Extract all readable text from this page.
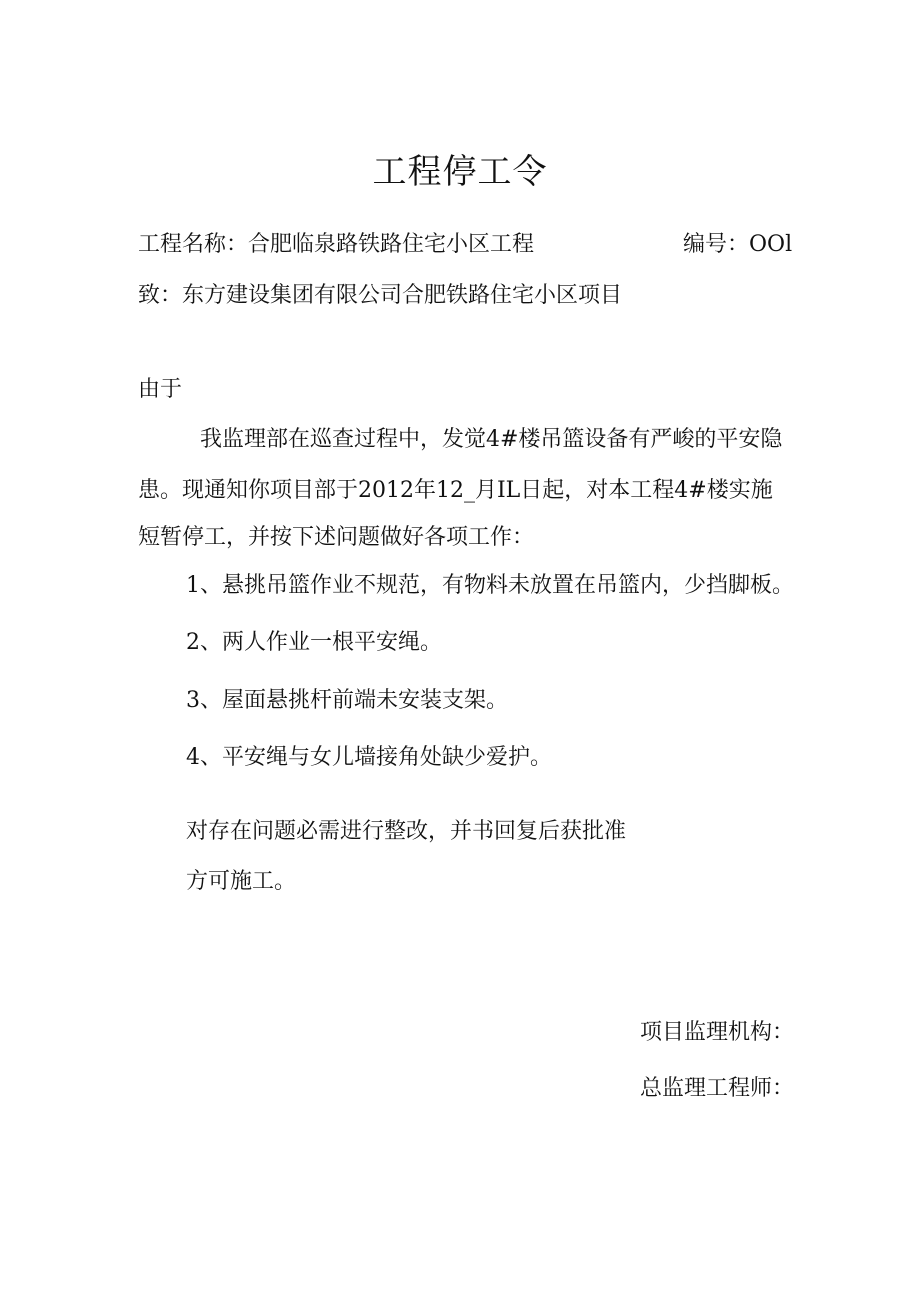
工程停工令
工程名称：合肥临泉路铁路住宅小区工程	编号：OOl
致：东方建设集团有限公司合肥铁路住宅小区项目
由于
我监理部在巡查过程中，发觉4#楼吊篮设备有严峻的平安隐
患。现通知你项目部于2012年12_月IL日起，对本工程4#楼实施
短暂停工，并按下述问题做好各项工作：
1、悬挑吊篮作业不规范，有物料未放置在吊篮内，少挡脚板。
2、两人作业一根平安绳。
3、屋面悬挑杆前端未安装支架。
4、平安绳与女儿墙接角处缺少爱护。
对存在问题必需进行整改，并书回复后获批准
方可施工。
项目监理机构：
总监理工程师：
